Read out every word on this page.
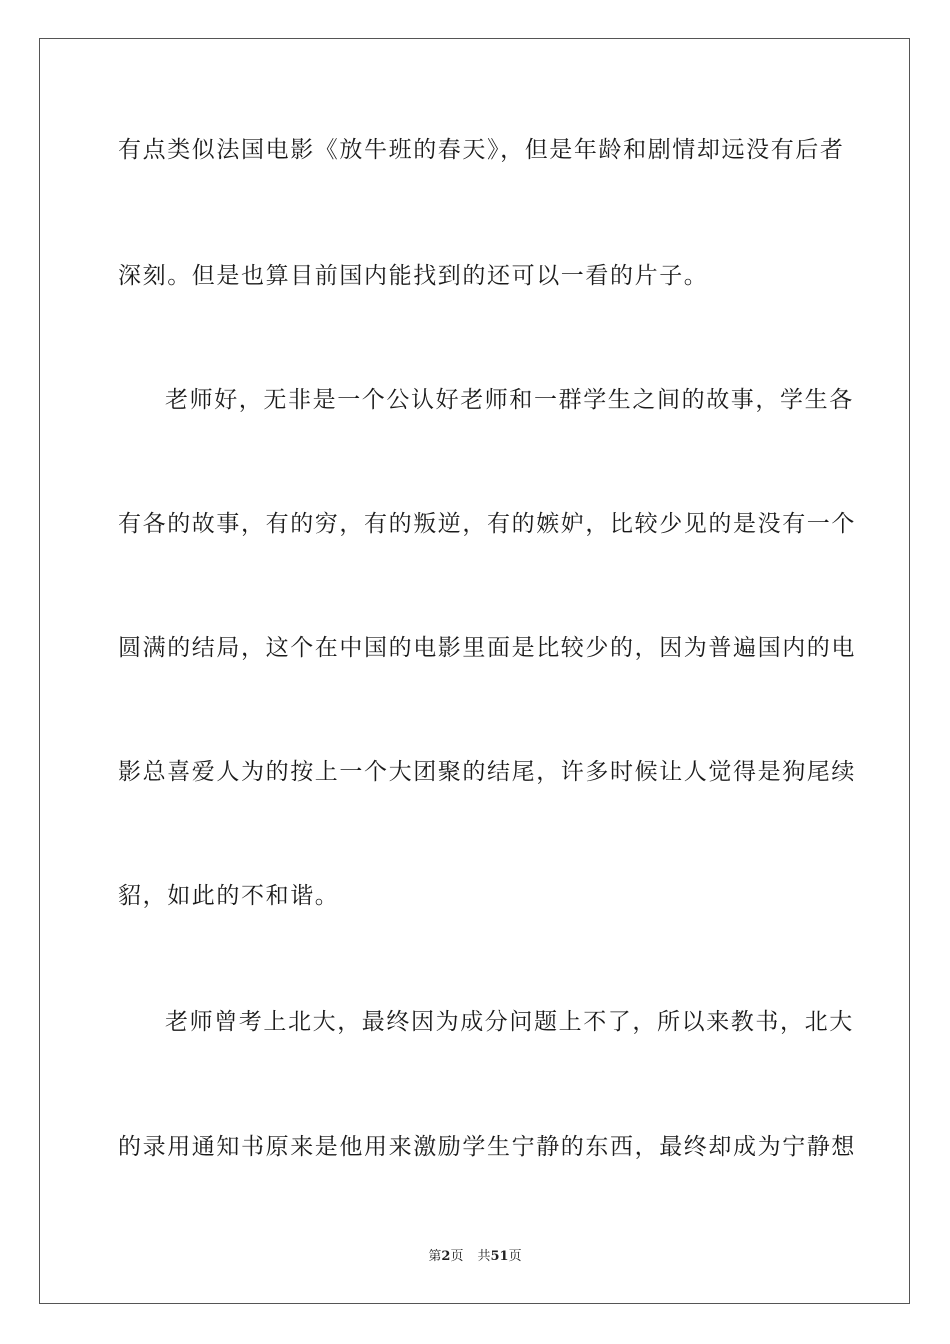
有点类似法国电影《放牛班的春天》，但是年龄和剧情却远没有后者
深刻。但是也算目前国内能找到的还可以一看的片子。
老师好，无非是一个公认好老师和一群学生之间的故事，学生各
有各的故事，有的穷，有的叛逆，有的嫉妒，比较少见的是没有一个
圆满的结局，这个在中国的电影里面是比较少的，因为普遍国内的电
影总喜爱人为的按上一个大团聚的结尾，许多时候让人觉得是狗尾续
貂，如此的不和谐。
老师曾考上北大，最终因为成分问题上不了，所以来教书，北大
的录用通知书原来是他用来激励学生宁静的东西，最终却成为宁静想
第2页 共51页
